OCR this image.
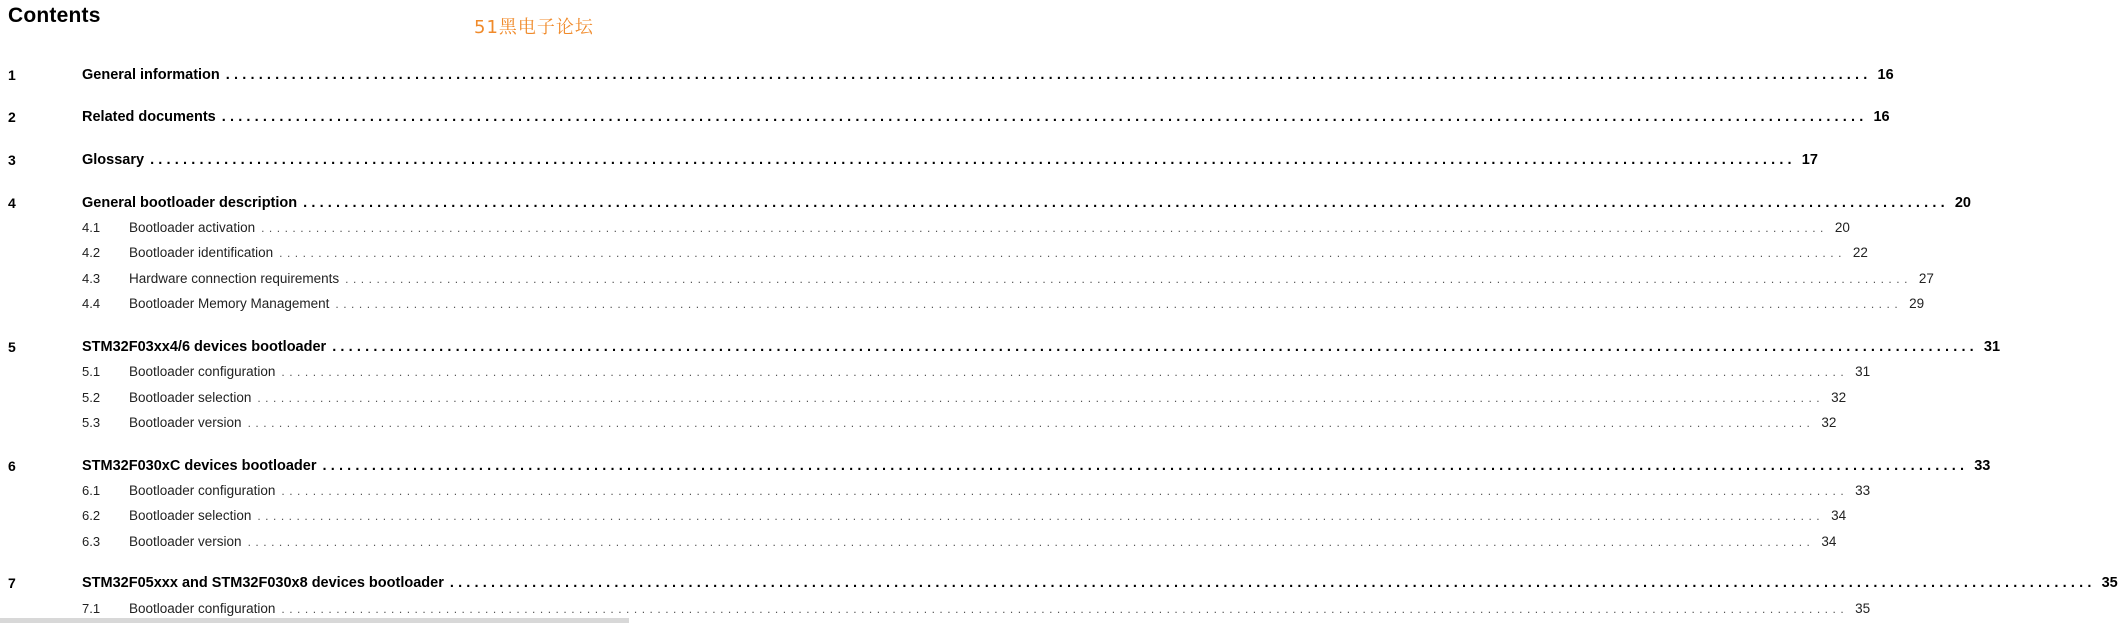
Contents
51黑电子论坛
1	General information ........................................................................................................................................................................................................ 16
2	Related documents ........................................................................................................................................................................................................ 16
3	Glossary ........................................................................................................................................................................................................ 17
4	General bootloader description ........................................................................................................................................................................................................ 20
4.1 Bootloader activation ........................................................................................................................................................................................................ 20
4.2 Bootloader identification ........................................................................................................................................................................................................ 22
4.3 Hardware connection requirements ........................................................................................................................................................................................................ 27
4.4 Bootloader Memory Management ........................................................................................................................................................................................................ 29
5	STM32F03xx4/6 devices bootloader ........................................................................................................................................................................................................ 31
5.1 Bootloader configuration ........................................................................................................................................................................................................ 31
5.2 Bootloader selection ........................................................................................................................................................................................................ 32
5.3 Bootloader version ........................................................................................................................................................................................................ 32
6	STM32F030xC devices bootloader ........................................................................................................................................................................................................ 33
6.1 Bootloader configuration ........................................................................................................................................................................................................ 33
6.2 Bootloader selection ........................................................................................................................................................................................................ 34
6.3 Bootloader version ........................................................................................................................................................................................................ 34
7	STM32F05xxx and STM32F030x8 devices bootloader ........................................................................................................................................................................................................ 35
7.1 Bootloader configuration ........................................................................................................................................................................................................ 35
